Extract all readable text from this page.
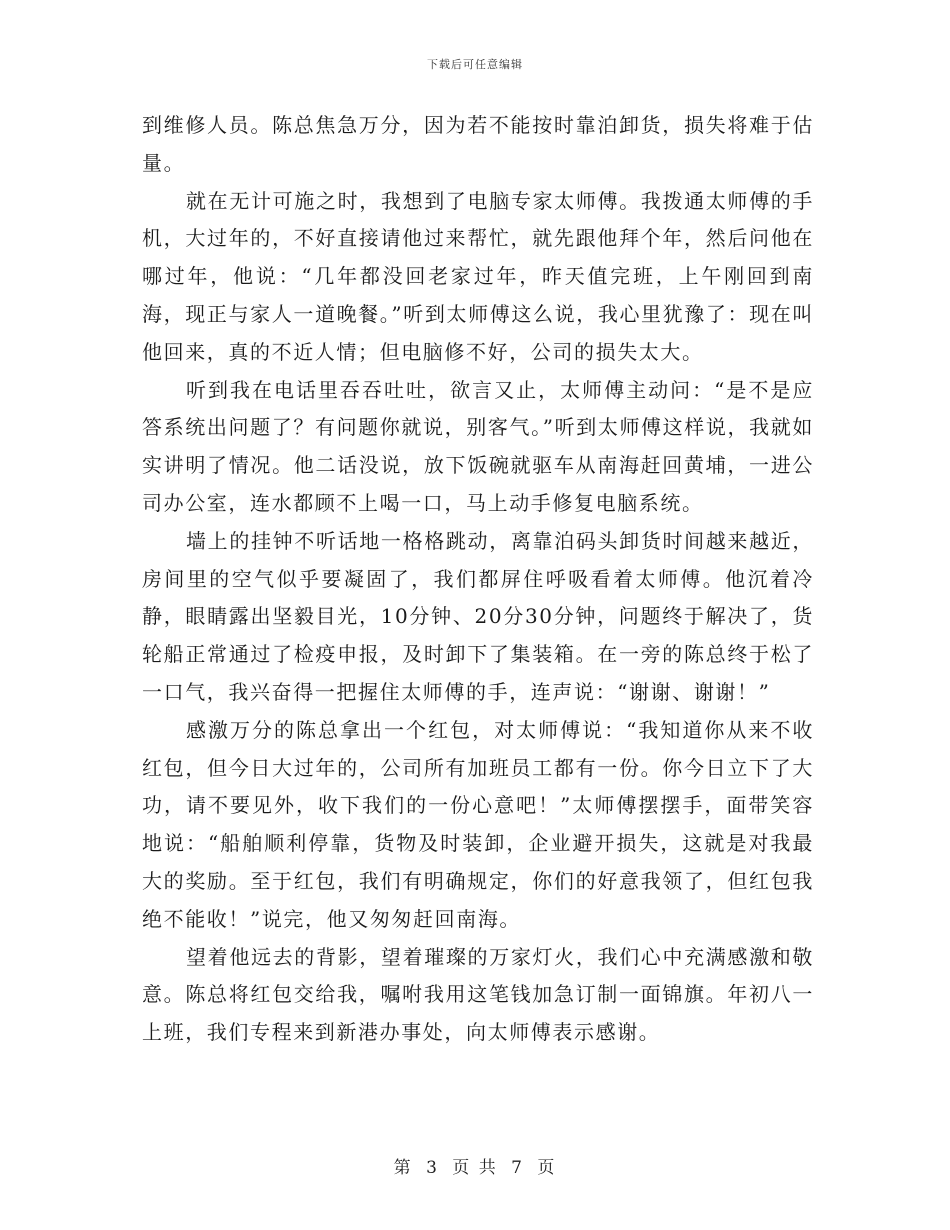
下载后可任意编辑

到维修人员。陈总焦急万分，因为若不能按时靠泊卸货，损失将难于估量。

就在无计可施之时，我想到了电脑专家太师傅。我拨通太师傅的手机，大过年的，不好直接请他过来帮忙，就先跟他拜个年，然后问他在哪过年，他说：“几年都没回老家过年，昨天值完班，上午刚回到南海，现正与家人一道晚餐。”听到太师傅这么说，我心里犹豫了：现在叫他回来，真的不近人情；但电脑修不好，公司的损失太大。

听到我在电话里吞吞吐吐，欲言又止，太师傅主动问：“是不是应答系统出问题了？有问题你就说，别客气。”听到太师傅这样说，我就如实讲明了情况。他二话没说，放下饭碗就驱车从南海赶回黄埔，一进公司办公室，连水都顾不上喝一口，马上动手修复电脑系统。

墙上的挂钟不听话地一格格跳动，离靠泊码头卸货时间越来越近，房间里的空气似乎要凝固了，我们都屏住呼吸看着太师傅。他沉着冷静，眼睛露出坚毅目光，10分钟、20分30分钟，问题终于解决了，货轮船正常通过了检疫申报，及时卸下了集装箱。在一旁的陈总终于松了一口气，我兴奋得一把握住太师傅的手，连声说：“谢谢、谢谢！”

感激万分的陈总拿出一个红包，对太师傅说：“我知道你从来不收红包，但今日大过年的，公司所有加班员工都有一份。你今日立下了大功，请不要见外，收下我们的一份心意吧！”太师傅摆摆手，面带笑容地说：“船舶顺利停靠，货物及时装卸，企业避开损失，这就是对我最大的奖励。至于红包，我们有明确规定，你们的好意我领了，但红包我绝不能收！”说完，他又匆匆赶回南海。

望着他远去的背影，望着璀璨的万家灯火，我们心中充满感激和敬意。陈总将红包交给我，嘱咐我用这笔钱加急订制一面锦旗。年初八一上班，我们专程来到新港办事处，向太师傅表示感谢。

第 3 页 共 7 页
